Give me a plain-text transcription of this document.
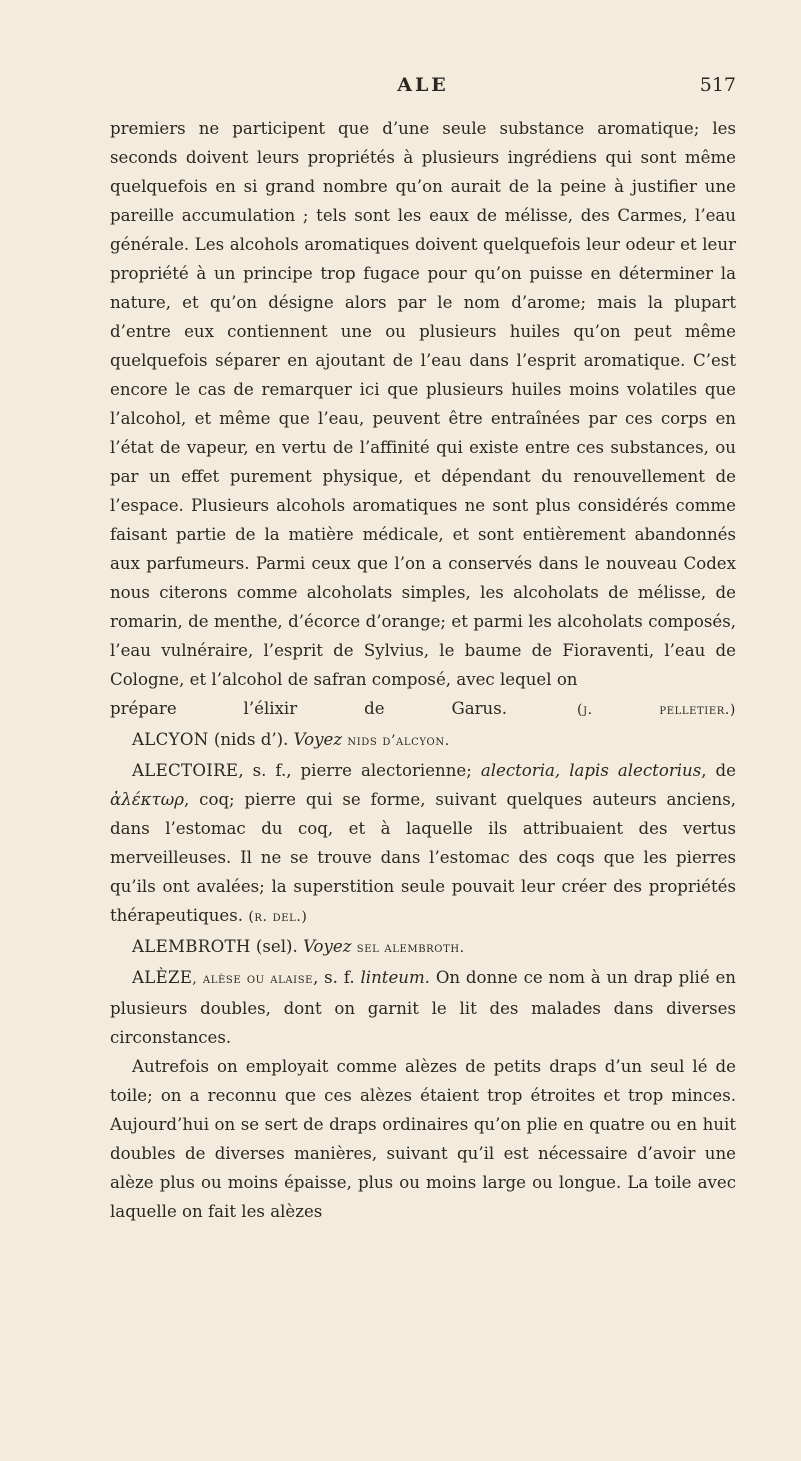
ALE	517

premiers ne participent que d’une seule substance aromatique; les seconds doivent leurs propriétés à plusieurs ingrédiens qui sont même quelquefois en si grand nombre qu’on aurait de la peine à justifier une pareille accumulation ; tels sont les eaux de mélisse, des Carmes, l’eau générale. Les alcohols aromatiques doivent quelquefois leur odeur et leur propriété à un principe trop fugace pour qu’on puisse en déterminer la nature, et qu’on désigne alors par le nom d’arome; mais la plupart d’entre eux contiennent une ou plusieurs huiles qu’on peut même quelquefois séparer en ajoutant de l’eau dans l’esprit aromatique. C’est encore le cas de remarquer ici que plusieurs huiles moins volatiles que l’alcohol, et même que l’eau, peuvent être entraînées par ces corps en l’état de vapeur, en vertu de l’affinité qui existe entre ces substances, ou par un effet purement physique, et dépendant du renouvellement de l’espace. Plusieurs alcohols aromatiques ne sont plus considérés comme faisant partie de la matière médicale, et sont entièrement abandonnés aux parfumeurs. Parmi ceux que l’on a conservés dans le nouveau Codex nous citerons comme alcoholats simples, les alcoholats de mélisse, de romarin, de menthe, d’écorce d’orange; et parmi les alcoholats composés, l’eau vulnéraire, l’esprit de Sylvius, le baume de Fioraventi, l’eau de Cologne, et l’alcohol de safran composé, avec lequel on

prépare l’élixir de Garus.	(j. pelletier.)

ALCYON (nids d’). Voyez nids d’alcyon.

ALECTOIRE, s. f., pierre alectorienne; alectoria, lapis alectorius, de ἀλέκτωρ, coq; pierre qui se forme, suivant quelques auteurs anciens, dans l’estomac du coq, et à laquelle ils attribuaient des vertus merveilleuses. Il ne se trouve dans l’estomac des coqs que les pierres qu’ils ont avalées; la superstition seule pouvait leur créer des propriétés thérapeutiques. (r. del.)

ALEMBROTH (sel). Voyez sel alembroth.

ALÈZE, alèse ou alaise, s. f. linteum. On donne ce nom à un drap plié en plusieurs doubles, dont on garnit le lit des malades dans diverses circonstances.

Autrefois on employait comme alèzes de petits draps d’un seul lé de toile; on a reconnu que ces alèzes étaient trop étroites et trop minces. Aujourd’hui on se sert de draps ordinaires qu’on plie en quatre ou en huit doubles de diverses manières, suivant qu’il est nécessaire d’avoir une alèze plus ou moins épaisse, plus ou moins large ou longue. La toile avec laquelle on fait les alèzes
